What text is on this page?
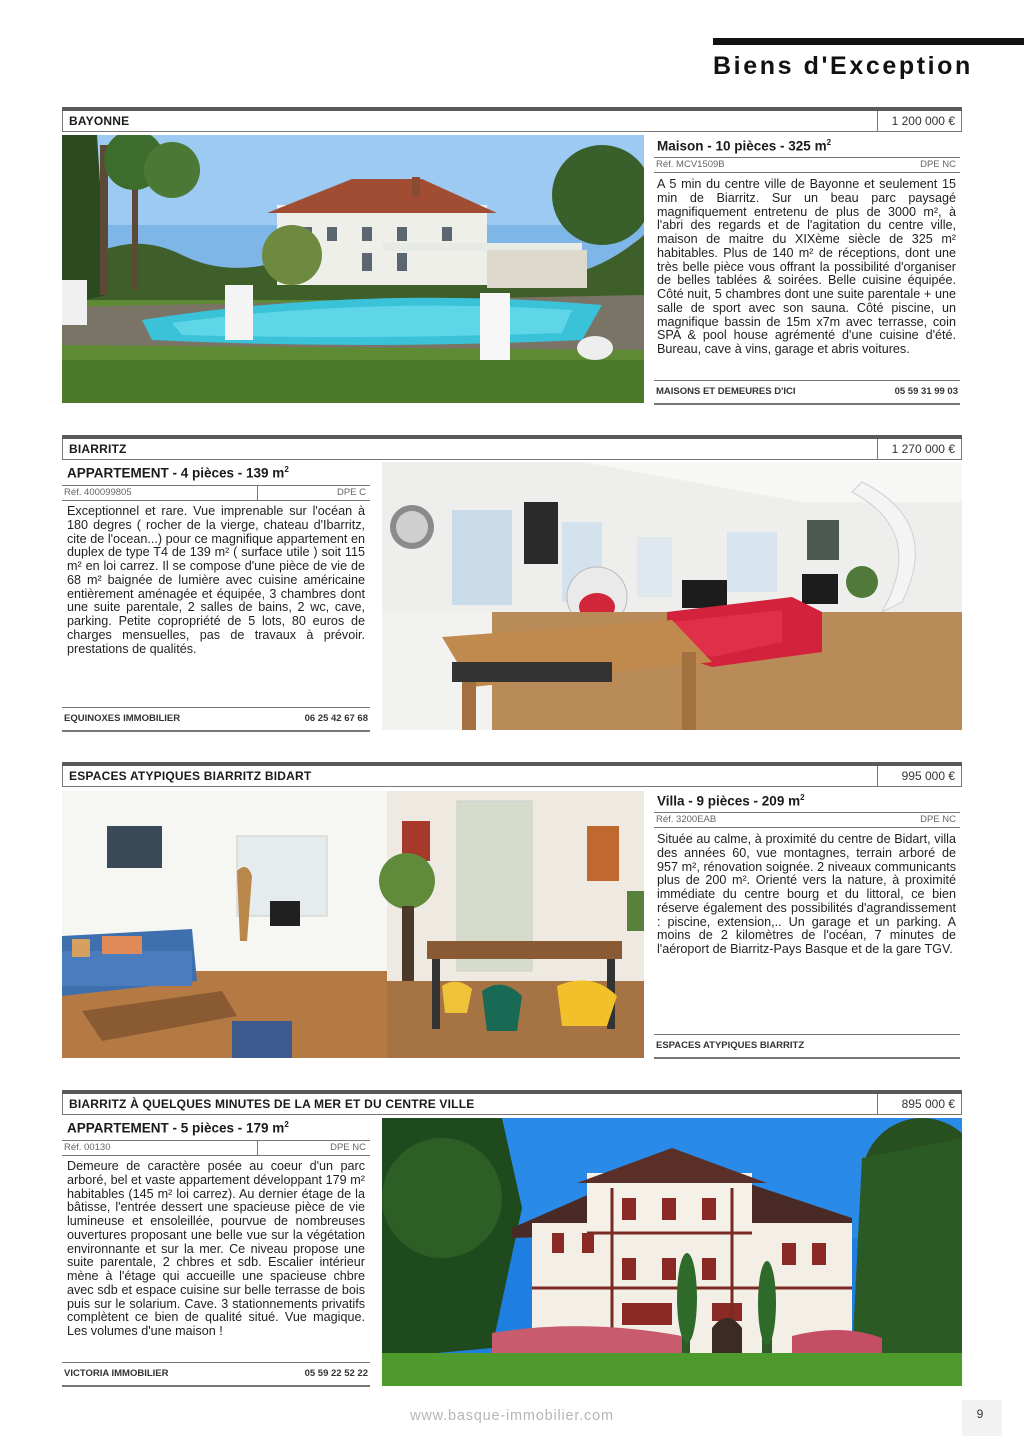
Biens d'Exception
BAYONNE	1 200 000 €
Maison - 10 pièces - 325 $m^2$
Réf. MCV1509B	DPE NC
A 5 min du centre ville de Bayonne et seulement 15 min de Biarritz. Sur un beau parc paysagé magnifiquement entretenu de plus de 3000 m², à l'abri des regards et de l'agitation du centre ville, maison de maitre du XIXème siècle de 325 m² habitables. Plus de 140 m² de réceptions, dont une très belle pièce vous offrant la possibilité d'organiser de belles tablées & soirées. Belle cuisine équipée. Côté nuit, 5 chambres dont une suite parentale + une salle de sport avec son sauna. Côté piscine, un magnifique bassin de 15m x7m avec terrasse, coin SPA & pool house agrémenté d'une cuisine d'été. Bureau, cave à vins, garage et abris voitures.
MAISONS ET DEMEURES D'ICI	05 59 31 99 03
BIARRITZ	1 270 000 €
APPARTEMENT - 4 pièces - 139 $m^2$
Réf. 400099805	DPE C
Exceptionnel et rare. Vue imprenable sur l'océan à 180 degres ( rocher de la vierge, chateau d'Ibarritz, cite de l'ocean...) pour ce magnifique appartement en duplex de type T4 de 139 m² ( surface utile ) soit 115 m² en loi carrez. Il se compose d'une pièce de vie de 68 m² baignée de lumière avec cuisine américaine entièrement aménagée et équipée, 3 chambres dont une suite parentale, 2 salles de bains, 2 wc, cave, parking. Petite copropriété de 5 lots, 80 euros de charges mensuelles, pas de travaux à prévoir. prestations de qualités.
EQUINOXES IMMOBILIER	06 25 42 67 68
ESPACES ATYPIQUES BIARRITZ BIDART	995 000 €
Villa - 9 pièces - 209 $m^2$
Réf. 3200EAB	DPE NC
Située au calme, à proximité du centre de Bidart, villa des années 60, vue montagnes, terrain arboré de 957 m², rénovation soignée. 2 niveaux communicants plus de 200 m². Orienté vers la nature, à proximité immédiate du centre bourg et du littoral, ce bien réserve également des possibilités d'agrandissement : piscine, extension,.. Un garage et un parking. A moins de 2 kilomètres de l'océan, 7 minutes de l'aéroport de Biarritz-Pays Basque et de la gare TGV.
ESPACES ATYPIQUES BIARRITZ
BIARRITZ À QUELQUES MINUTES DE LA MER ET DU CENTRE VILLE	895 000 €
APPARTEMENT - 5 pièces - 179 $m^2$
Réf. 00130	DPE NC
Demeure de caractère posée au coeur d'un parc arboré, bel et vaste appartement développant 179 m² habitables (145 m² loi carrez). Au dernier étage de la bâtisse, l'entrée dessert une spacieuse pièce de vie lumineuse et ensoleillée, pourvue de nombreuses ouvertures proposant une belle vue sur la végétation environnante et sur la mer. Ce niveau propose une suite parentale, 2 chbres et sdb. Escalier intérieur mène à l'étage qui accueille une spacieuse chbre avec sdb et espace cuisine sur belle terrasse de bois puis sur le solarium. Cave. 3 stationnements privatifs complètent ce bien de qualité situé. Vue magique. Les volumes d'une maison !
VICTORIA IMMOBILIER	05 59 22 52 22
www.basque-immobilier.com	9
